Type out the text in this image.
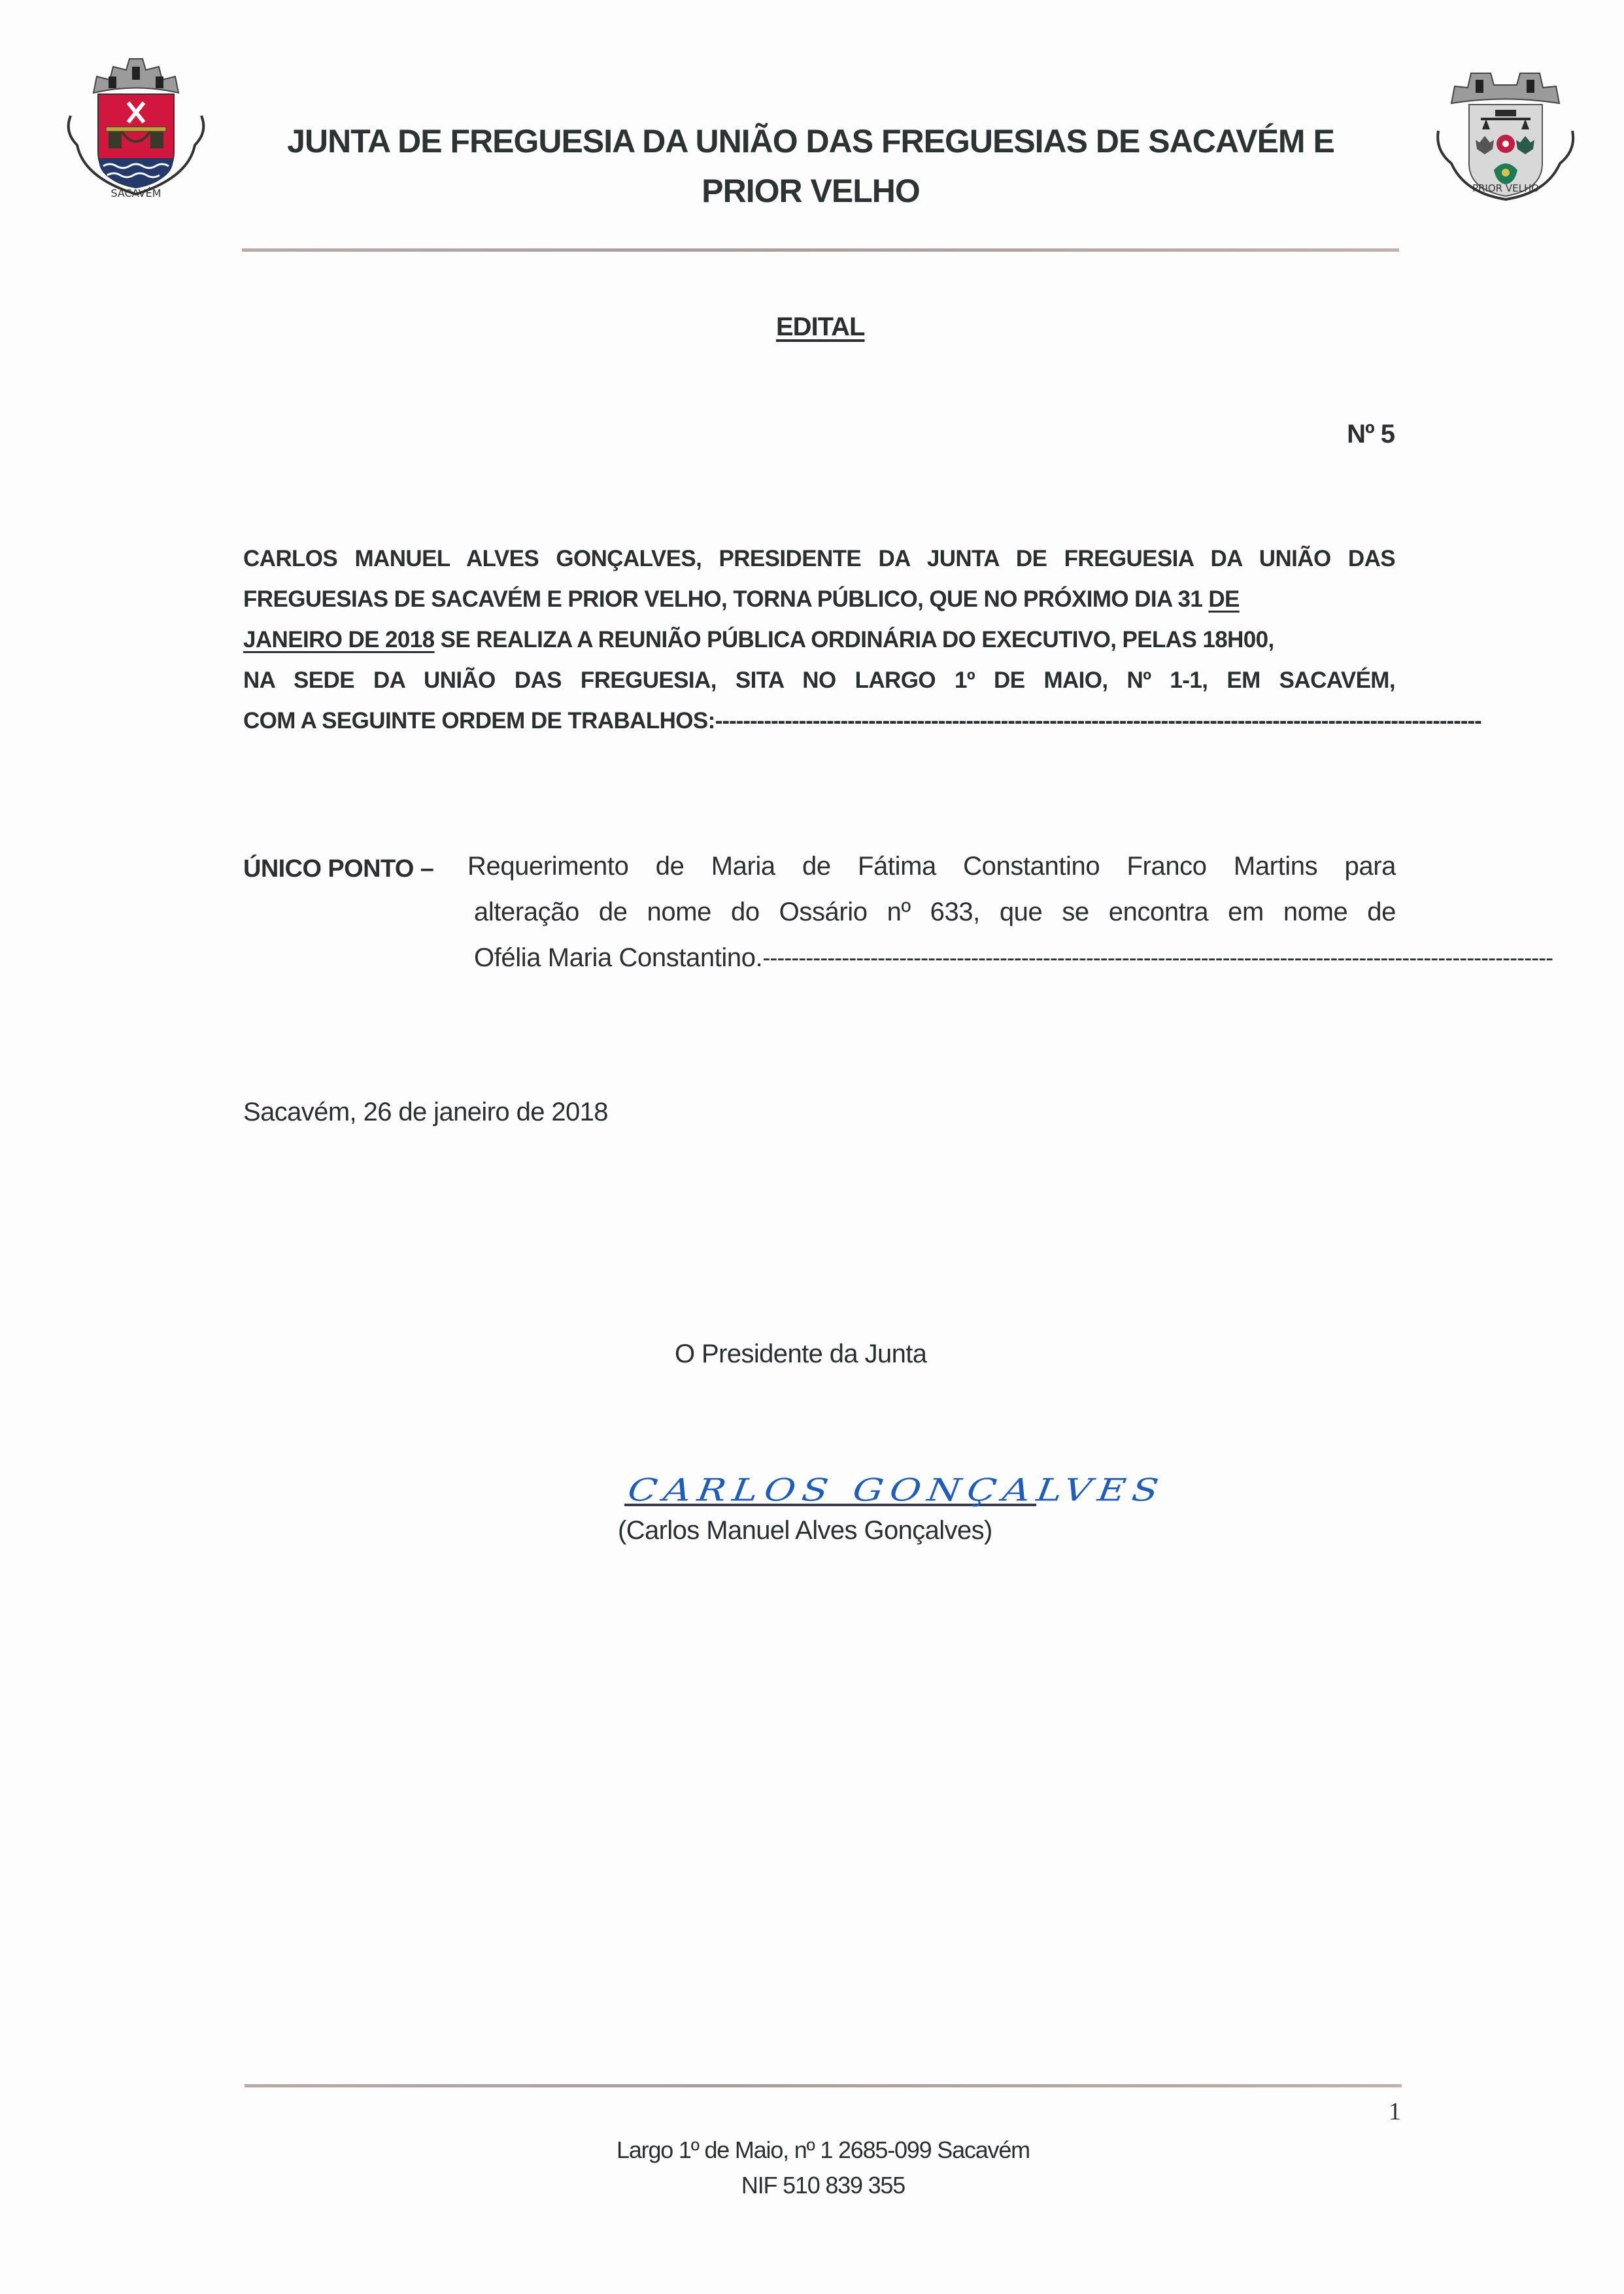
SACAVÉM	PRIOR VELHO
JUNTA DE FREGUESIA DA UNIÃO DAS FREGUESIAS DE SACAVÉM E
PRIOR VELHO
EDITAL
Nº 5
CARLOS MANUEL ALVES GONÇALVES, PRESIDENTE DA JUNTA DE FREGUESIA DA UNIÃO DAS
FREGUESIAS DE SACAVÉM E PRIOR VELHO, TORNA PÚBLICO, QUE NO PRÓXIMO DIA 31 DE
JANEIRO DE 2018 SE REALIZA A REUNIÃO PÚBLICA ORDINÁRIA DO EXECUTIVO, PELAS 18H00,
NA SEDE DA UNIÃO DAS FREGUESIA, SITA NO LARGO 1º DE MAIO, Nº 1-1, EM SACAVÉM,
COM A SEGUINTE ORDEM DE TRABALHOS: --------------------------------------------------------------------------------------------------------------
ÚNICO PONTO – Requerimento de Maria de Fátima Constantino Franco Martins para
alteração de nome do Ossário nº 633, que se encontra em nome de
Ofélia Maria Constantino. --------------------------------------------------------------------------------------------------------------
Sacavém, 26 de janeiro de 2018
O Presidente da Junta
CARLOS GONÇALVES
(Carlos Manuel Alves Gonçalves)
1
Largo 1º de Maio, nº 1 2685-099 Sacavém
NIF 510 839 355
